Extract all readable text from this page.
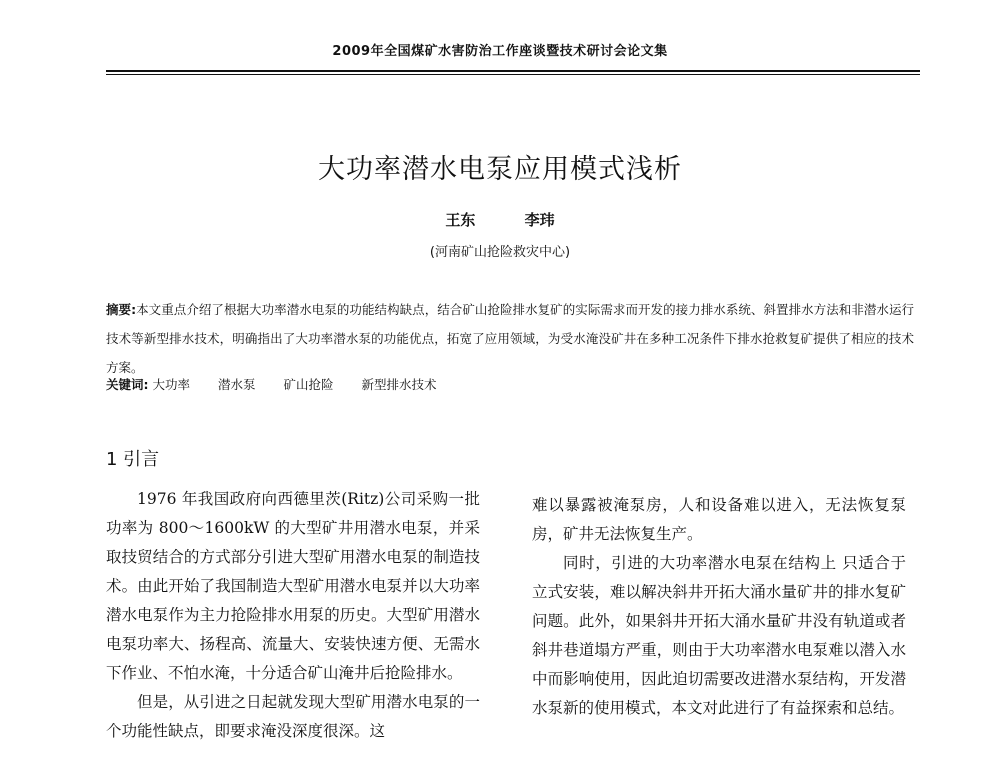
2009年全国煤矿水害防治工作座谈暨技术研讨会论文集
大功率潜水电泵应用模式浅析
王东	李玮
(河南矿山抢险救灾中心)

摘要:本文重点介绍了根据大功率潜水电泵的功能结构缺点，结合矿山抢险排水复矿的实际需求而开发的接力排水系统、斜置排水方法和非潜水运行技术等新型排水技术，明确指出了大功率潜水泵的功能优点，拓宽了应用领域，为受水淹没矿井在多种工况条件下排水抢救复矿提供了相应的技术方案。

关键词: 大功率 潜水泵 矿山抢险 新型排水技术
1 引言

1976 年我国政府向西德里茨(Ritz)公司采购一批功率为 800～1600kW 的大型矿井用潜水电泵，并采取技贸结合的方式部分引进大型矿用潜水电泵的制造技术。由此开始了我国制造大型矿用潜水电泵并以大功率潜水电泵作为主力抢险排水用泵的历史。大型矿用潜水电泵功率大、扬程高、流量大、安装快速方便、无需水下作业、不怕水淹，十分适合矿山淹井后抢险排水。

但是，从引进之日起就发现大型矿用潜水电泵的一个功能性缺点，即要求淹没深度很深。这

难以暴露被淹泵房，人和设备难以进入，无法恢复泵房，矿井无法恢复生产。

同时，引进的大功率潜水电泵在结构上 只适合于立式安装，难以解决斜井开拓大涌水量矿井的排水复矿问题。此外，如果斜井开拓大涌水量矿井没有轨道或者斜井巷道塌方严重，则由于大功率潜水电泵难以潜入水中而影响使用，因此迫切需要改进潜水泵结构，开发潜水泵新的使用模式，本文对此进行了有益探索和总结。
